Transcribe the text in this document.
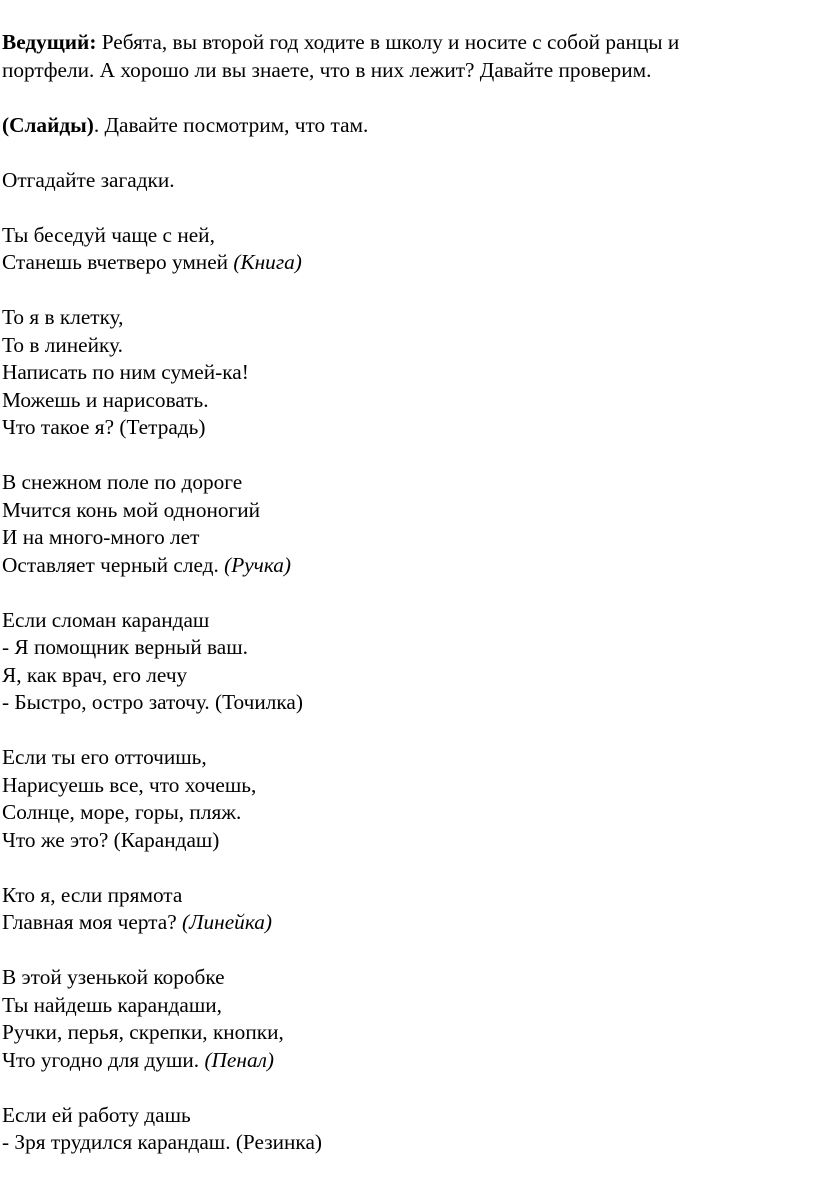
Ведущий: Ребята, вы второй год ходите в школу и носите с собой ранцы и
портфели. А хорошо ли вы знаете, что в них лежит? Давайте проверим.

(Слайды). Давайте посмотрим, что там.

Отгадайте загадки.

Ты беседуй чаще с ней,
Станешь вчетверо умней (Книга)

То я в клетку,
То в линейку.
Написать по ним сумей-ка!
Можешь и нарисовать.
Что такое я? (Тетрадь)

В снежном поле по дороге
Мчится конь мой одноногий
И на много-много лет
Оставляет черный след. (Ручка)

Если сломан карандаш
- Я помощник верный ваш.
Я, как врач, его лечу
- Быстро, остро заточу. (Точилка)

Если ты его отточишь,
Нарисуешь все, что хочешь,
Солнце, море, горы, пляж.
Что же это? (Карандаш)

Кто я, если прямота
Главная моя черта? (Линейка)

В этой узенькой коробке
Ты найдешь карандаши,
Ручки, перья, скрепки, кнопки,
Что угодно для души. (Пенал)

Если ей работу дашь
- Зря трудился карандаш. (Резинка)
